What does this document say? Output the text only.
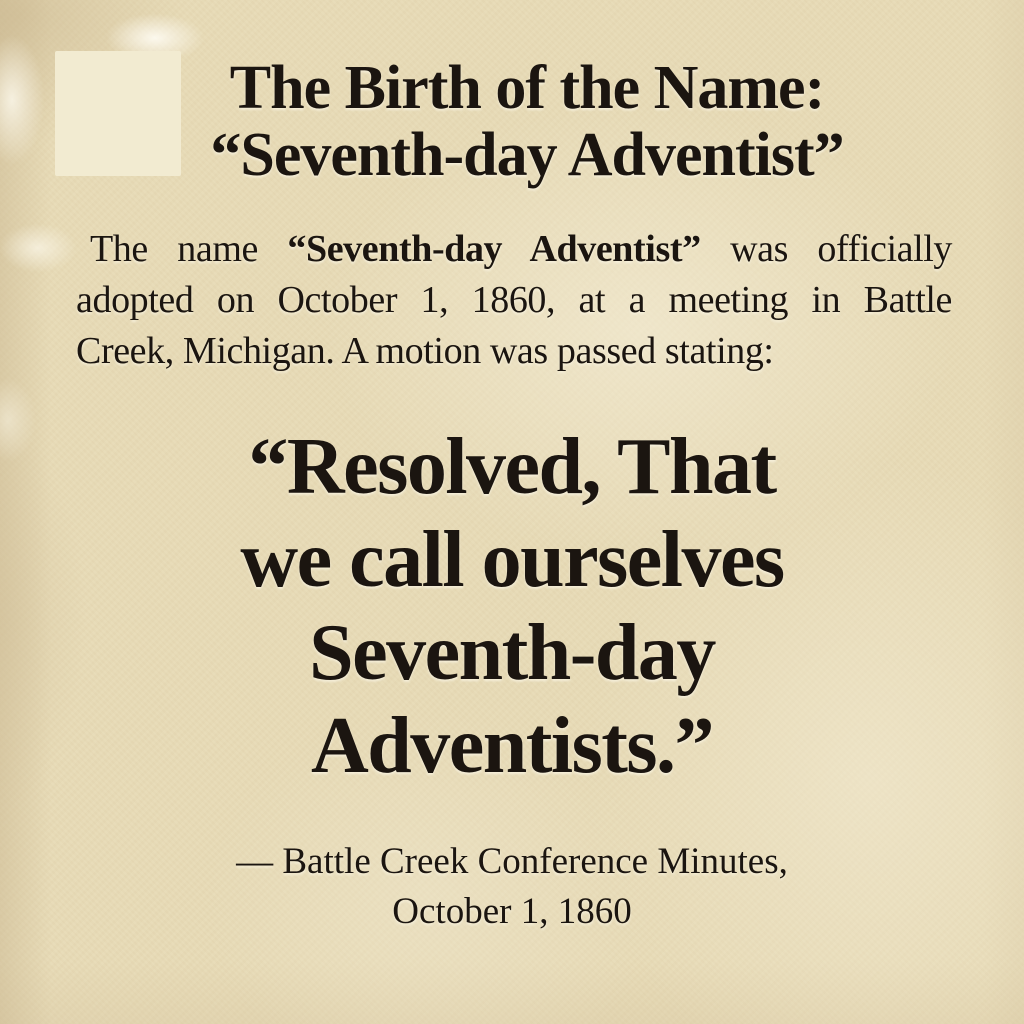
The Birth of the Name:
“Seventh-day Adventist”
The name “Seventh-day Adventist” was officially
adopted on October 1, 1860, at a meeting in Battle
Creek, Michigan. A motion was passed stating:
“Resolved, That
we call ourselves
Seventh-day
Adventists.”
— Battle Creek Conference Minutes,
October 1, 1860
